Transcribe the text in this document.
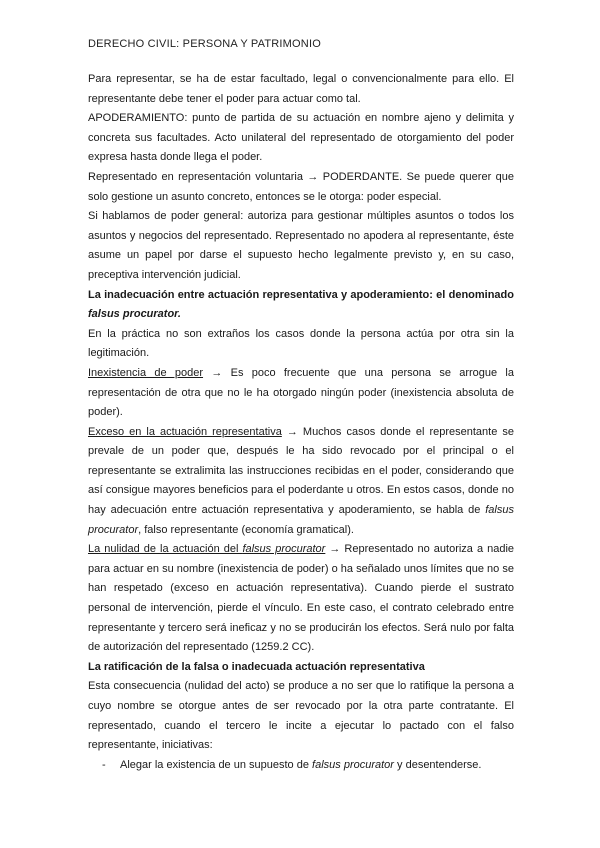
DERECHO CIVIL: PERSONA Y PATRIMONIO

Para representar, se ha de estar facultado, legal o convencionalmente para ello. El representante debe tener el poder para actuar como tal.

APODERAMIENTO: punto de partida de su actuación en nombre ajeno y delimita y concreta sus facultades. Acto unilateral del representado de otorgamiento del poder expresa hasta donde llega el poder.

Representado en representación voluntaria → PODERDANTE. Se puede querer que solo gestione un asunto concreto, entonces se le otorga: poder especial.

Si hablamos de poder general: autoriza para gestionar múltiples asuntos o todos los asuntos y negocios del representado. Representado no apodera al representante, éste asume un papel por darse el supuesto hecho legalmente previsto y, en su caso, preceptiva intervención judicial.

La inadecuación entre actuación representativa y apoderamiento: el denominado falsus procurator.

En la práctica no son extraños los casos donde la persona actúa por otra sin la legitimación.

Inexistencia de poder → Es poco frecuente que una persona se arrogue la representación de otra que no le ha otorgado ningún poder (inexistencia absoluta de poder).

Exceso en la actuación representativa → Muchos casos donde el representante se prevale de un poder que, después le ha sido revocado por el principal o el representante se extralimita las instrucciones recibidas en el poder, considerando que así consigue mayores beneficios para el poderdante u otros. En estos casos, donde no hay adecuación entre actuación representativa y apoderamiento, se habla de falsus procurator, falso representante (economía gramatical).

La nulidad de la actuación del falsus procurator → Representado no autoriza a nadie para actuar en su nombre (inexistencia de poder) o ha señalado unos límites que no se han respetado (exceso en actuación representativa). Cuando pierde el sustrato personal de intervención, pierde el vínculo. En este caso, el contrato celebrado entre representante y tercero será ineficaz y no se producirán los efectos. Será nulo por falta de autorización del representado (1259.2 CC).

La ratificación de la falsa o inadecuada actuación representativa

Esta consecuencia (nulidad del acto) se produce a no ser que lo ratifique la persona a cuyo nombre se otorgue antes de ser revocado por la otra parte contratante. El representado, cuando el tercero le incite a ejecutar lo pactado con el falso representante, iniciativas:

- Alegar la existencia de un supuesto de falsus procurator y desentenderse.
